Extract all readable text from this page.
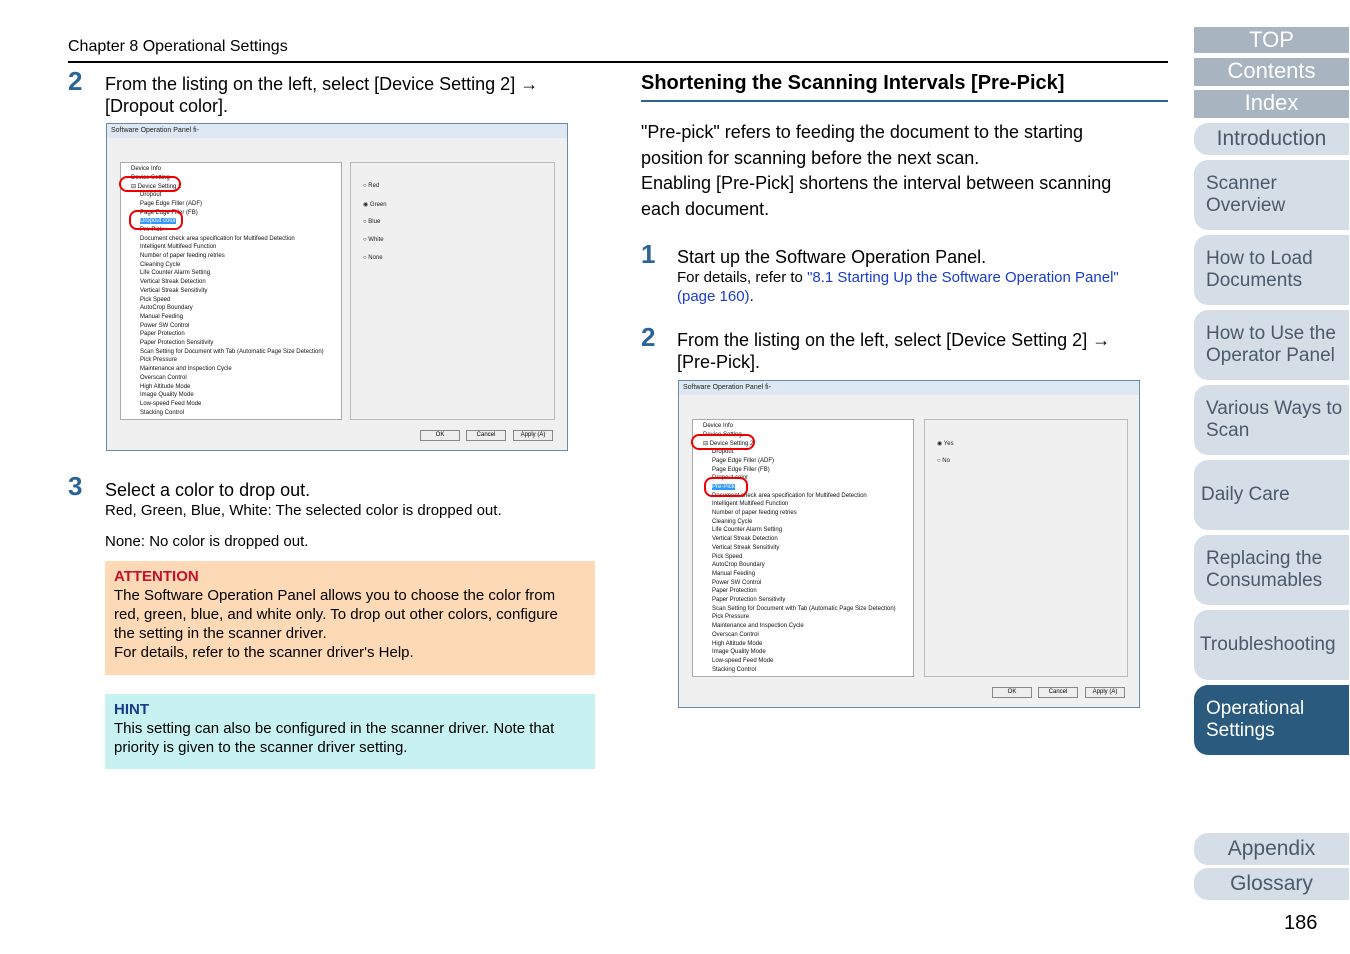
Chapter 8 Operational Settings
2 From the listing on the left, select [Device Setting 2] →
[Dropout color].
Software Operation Panel fi-
Device Info
Device Setting
⊟ Device Setting 2
Dropout
Page Edge Filler (ADF)
Page Edge Filler (FB)
Dropout color
Pre-Pick
Document check area specification for Multifeed Detection
Intelligent Multifeed Function
Number of paper feeding retries
Cleaning Cycle
Life Counter Alarm Setting
Vertical Streak Detection
Vertical Streak Sensitivity
Pick Speed
AutoCrop Boundary
Manual Feeding
Power SW Control
Paper Protection
Paper Protection Sensitivity
Scan Setting for Document with Tab (Automatic Page Size Detection)
Pick Pressure
Maintenance and Inspection Cycle
Overscan Control
High Altitude Mode
Image Quality Mode
Low-speed Feed Mode
Stacking Control
○ Red
◉ Green
○ Blue
○ White
○ None
OK	Cancel	Apply (A)
3 Select a color to drop out.
Red, Green, Blue, White: The selected color is dropped out.
None: No color is dropped out.
ATTENTION
The Software Operation Panel allows you to choose the color from
red, green, blue, and white only. To drop out other colors, configure
the setting in the scanner driver.
For details, refer to the scanner driver's Help.
HINT
This setting can also be configured in the scanner driver. Note that
priority is given to the scanner driver setting.
Shortening the Scanning Intervals [Pre-Pick]
"Pre-pick" refers to feeding the document to the starting
position for scanning before the next scan.
Enabling [Pre-Pick] shortens the interval between scanning
each document.
1 Start up the Software Operation Panel.
For details, refer to "8.1 Starting Up the Software Operation Panel"
(page 160).
2 From the listing on the left, select [Device Setting 2] →
[Pre-Pick].
Software Operation Panel fi-
Device Info
Device Setting
⊟ Device Setting 2
Dropout
Page Edge Filler (ADF)
Page Edge Filler (FB)
Dropout color
Pre-Pick
Document check area specification for Multifeed Detection
Intelligent Multifeed Function
Number of paper feeding retries
Cleaning Cycle
Life Counter Alarm Setting
Vertical Streak Detection
Vertical Streak Sensitivity
Pick Speed
AutoCrop Boundary
Manual Feeding
Power SW Control
Paper Protection
Paper Protection Sensitivity
Scan Setting for Document with Tab (Automatic Page Size Detection)
Pick Pressure
Maintenance and Inspection Cycle
Overscan Control
High Altitude Mode
Image Quality Mode
Low-speed Feed Mode
Stacking Control
◉ Yes
○ No
OK	Cancel	Apply (A)
TOP
Contents
Index
Introduction
Scanner
Overview
How to Load
Documents
How to Use the
Operator Panel
Various Ways to
Scan
Daily Care
Replacing the
Consumables
Troubleshooting
Operational
Settings
Appendix
Glossary
186
